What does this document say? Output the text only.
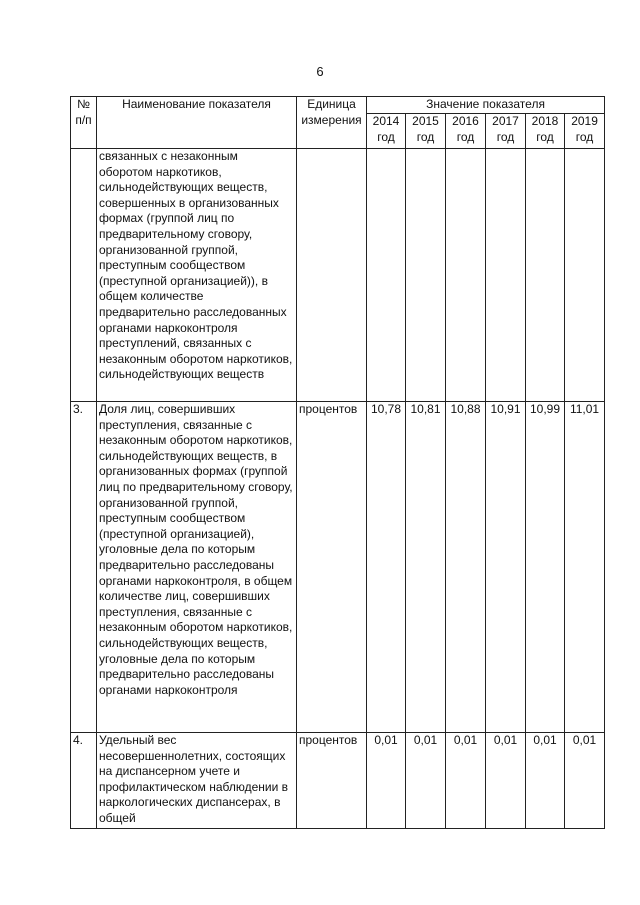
6
№ п/п	Наименование показателя	Единица измерения	Значение показателя					
			2014 год	2015 год	2016 год	2017 год	2018 год	2019 год
	связанных с незаконным оборотом наркотиков, сильнодействующих веществ, совершенных в организованных формах (группой лиц по предварительному сговору, организованной группой, преступным сообществом (преступной организацией)), в общем количестве предварительно расследованных органами наркоконтроля преступлений, связанных с незаконным оборотом наркотиков, сильнодействующих веществ							
3.	Доля лиц, совершивших преступления, связанные с незаконным оборотом наркотиков, сильнодействующих веществ, в организованных формах (группой лиц по предварительному сговору, организованной группой, преступным сообществом (преступной организацией), уголовные дела по которым предварительно расследованы органами наркоконтроля, в общем количестве лиц, совершивших преступления, связанные с незаконным оборотом наркотиков, сильнодействующих веществ, уголовные дела по которым предварительно расследованы органами наркоконтроля	процентов	10,78	10,81	10,88	10,91	10,99	11,01
4.	Удельный вес несовершеннолетних, состоящих на диспансерном учете и профилактическом наблюдении в наркологических диспансерах, в общей	процентов	0,01	0,01	0,01	0,01	0,01	0,01
